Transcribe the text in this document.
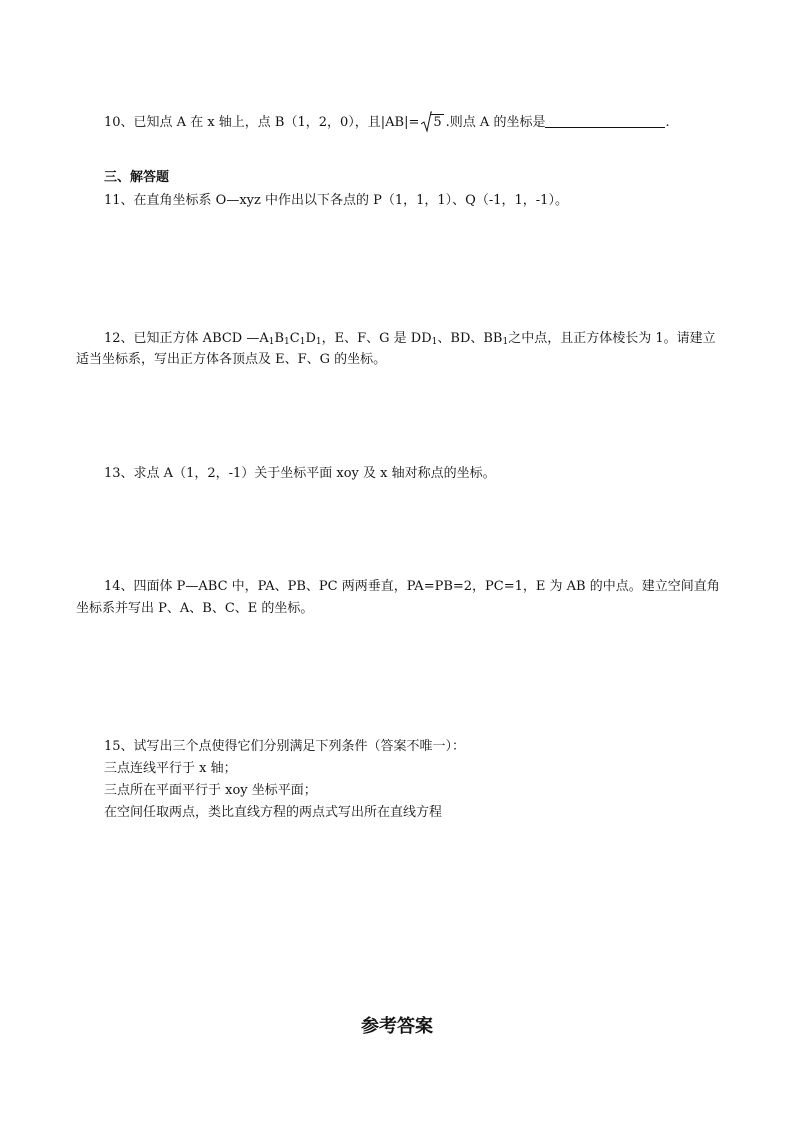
10、已知点 A 在 x 轴上，点 B（1，2，0），且|AB|= 5 .则点 A 的坐标是	.
三、解答题
11、在直角坐标系 O—xyz 中作出以下各点的 P（1，1，1）、Q（-1，1，-1）。
12、已知正方体 ABCD $—A_1B_1C_1D_1$，E、F、G 是 $DD_1$、BD、$BB_1$之中点，且正方体棱长为 1。请建立
适当坐标系，写出正方体各顶点及 E、F、G 的坐标。
13、求点 A（1，2，-1）关于坐标平面 xoy 及 x 轴对称点的坐标。
14、四面体 P—ABC 中，PA、PB、PC 两两垂直，PA=PB=2，PC=1，E 为 AB 的中点。建立空间直角
坐标系并写出 P、A、B、C、E 的坐标。
15、试写出三个点使得它们分别满足下列条件（答案不唯一）：
三点连线平行于 x 轴；
三点所在平面平行于 xoy 坐标平面；
在空间任取两点，类比直线方程的两点式写出所在直线方程
参考答案
